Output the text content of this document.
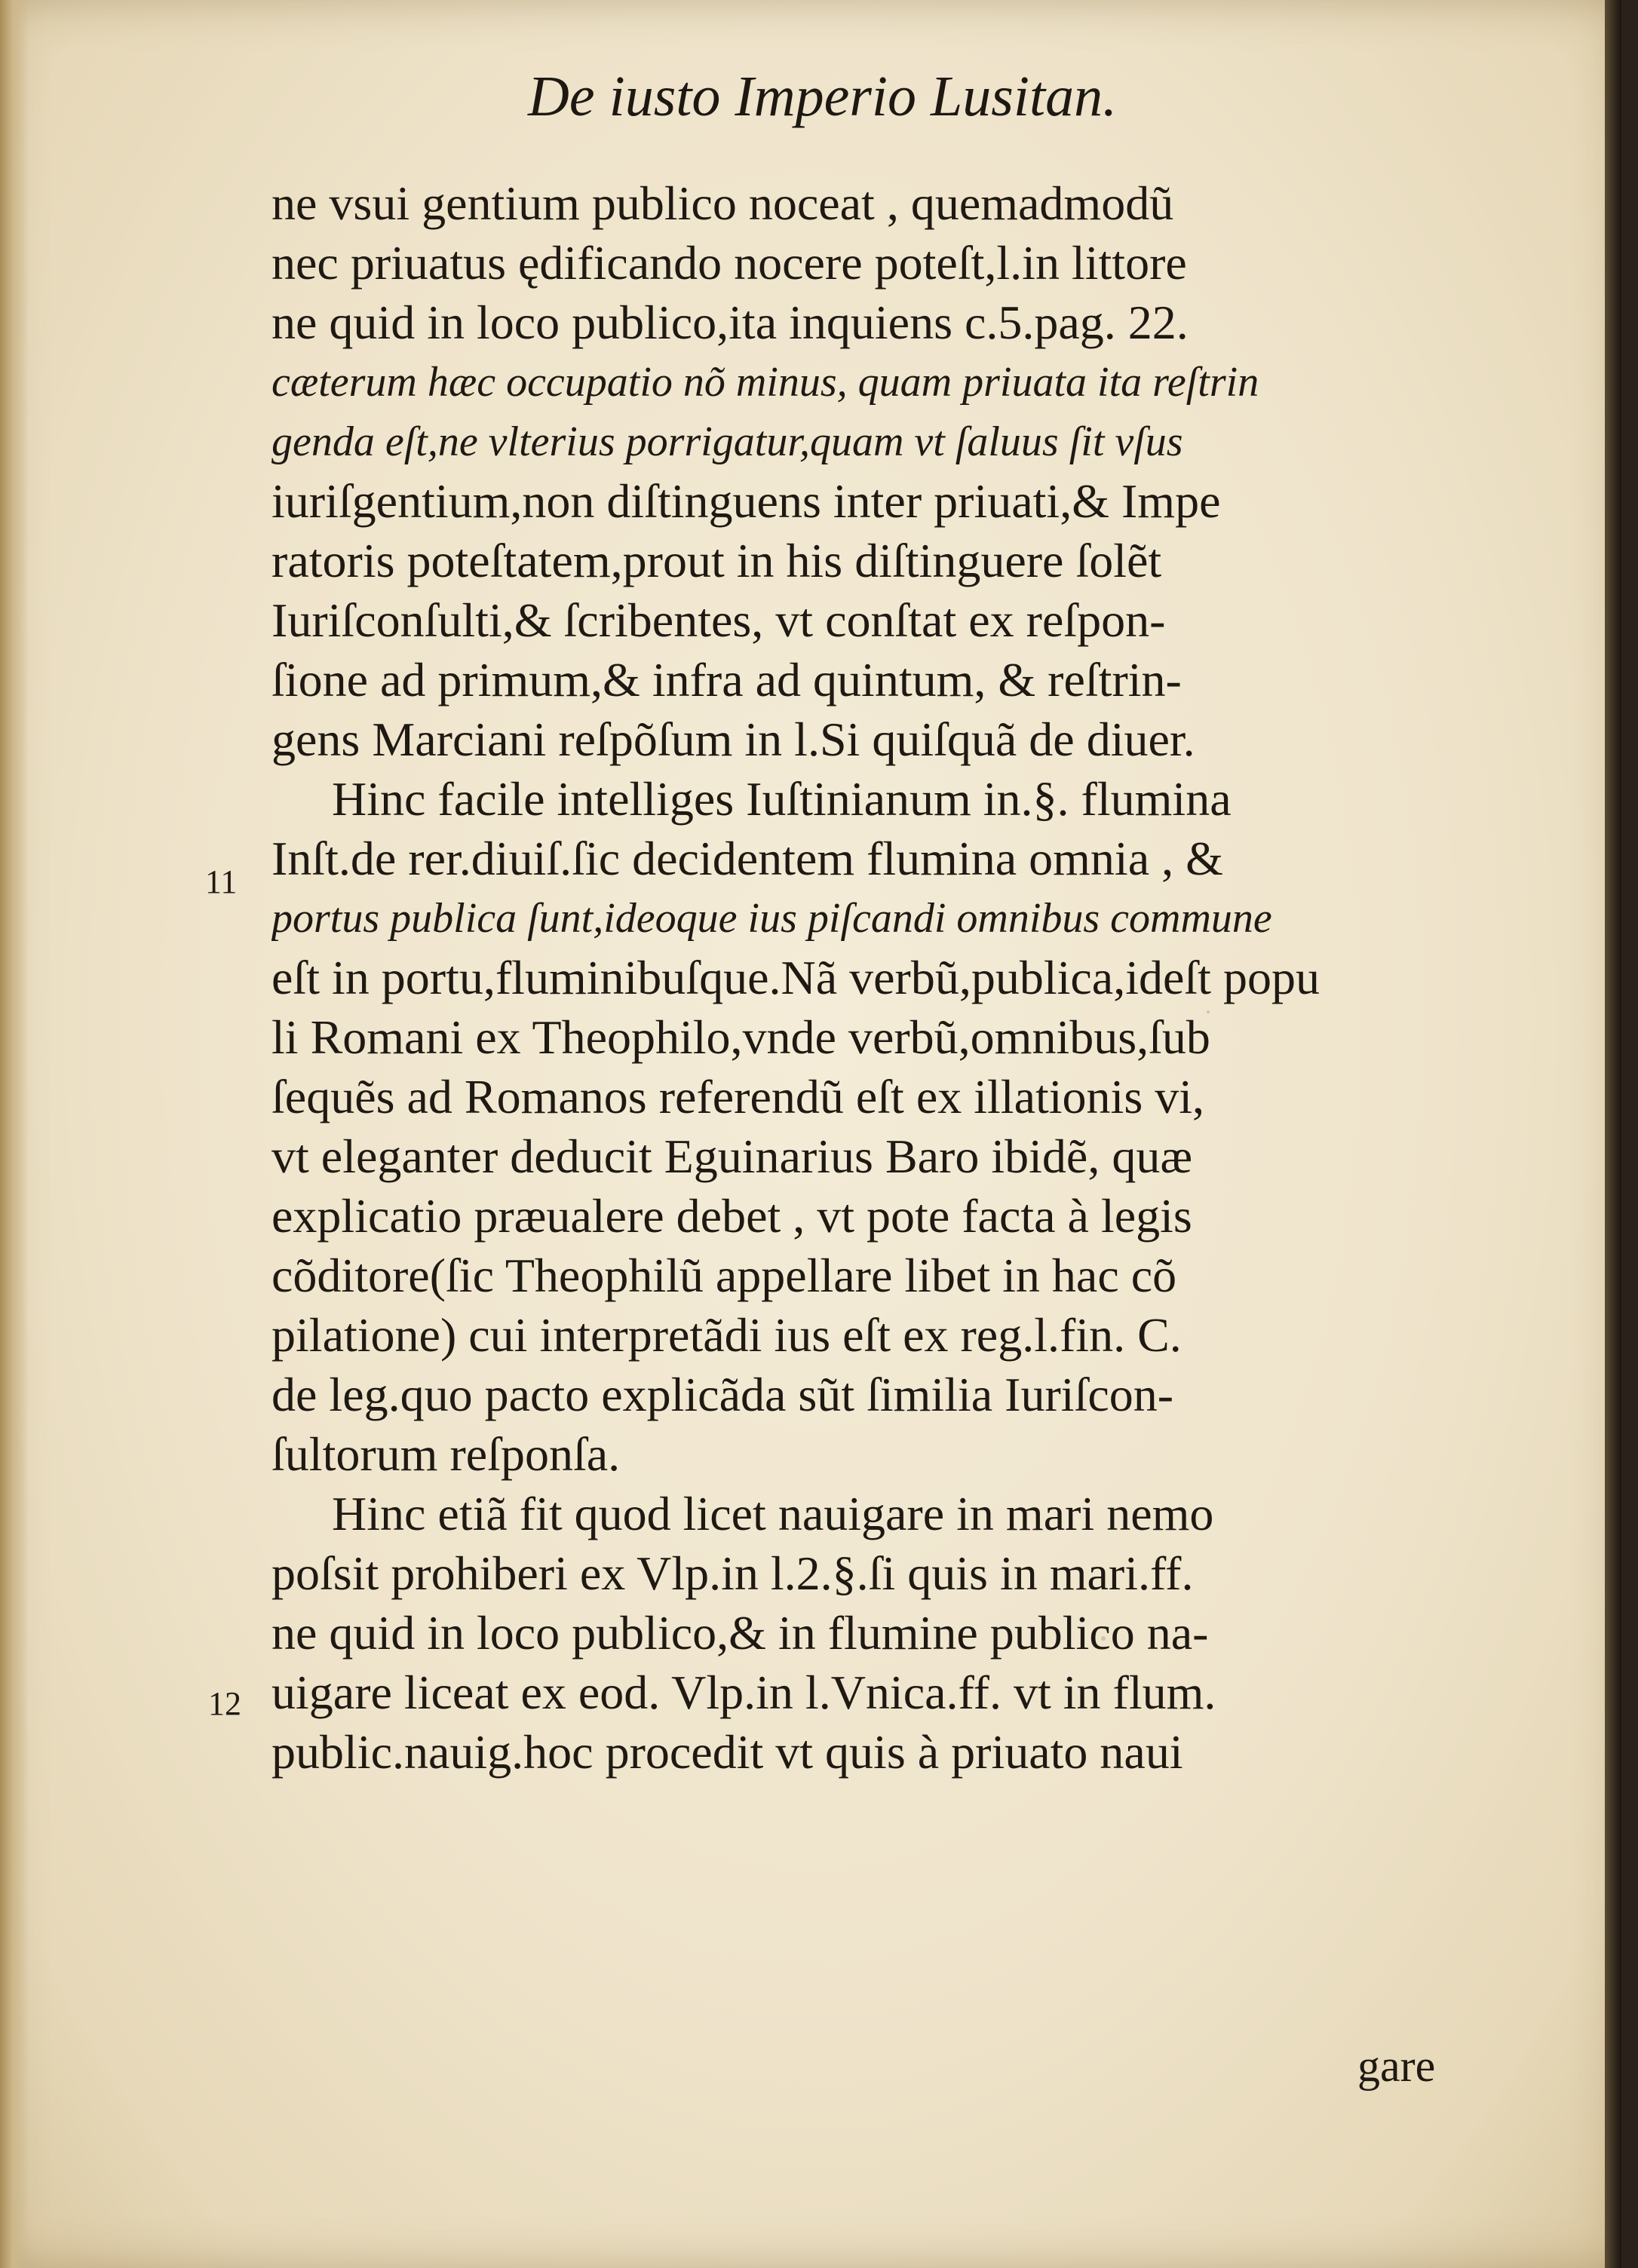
De iusto Imperio Lusitan.
ne vsui gentium publico noceat , quemadmodũ
nec priuatus ędificando nocere poteſt,l.in littore
ne quid in loco publico,ita inquiens c.5.pag. 22.
cæterum hæc occupatio nõ minus, quam priuata ita reſtrin
genda eſt,ne vlterius porrigatur,quam vt ſaluus ſit vſus
iuriſgentium,non diſtinguens inter priuati,& Impe
ratoris poteſtatem,prout in his diſtinguere ſolẽt
Iuriſconſulti,& ſcribentes, vt conſtat ex reſpon-
ſione ad primum,& infra ad quintum, & reſtrin-
gens Marciani reſpõſum in l.Si quiſquã de diuer.
Hinc facile intelliges Iuſtinianum in.§. flumina
Inſt.de rer.diuiſ.ſic decidentem flumina omnia , &
portus publica ſunt,ideoque ius piſcandi omnibus commune
eſt in portu,fluminibuſque.Nã verbũ,publica,ideſt popu
li Romani ex Theophilo,vnde verbũ,omnibus,ſub
ſequẽs ad Romanos referendũ eſt ex illationis vi,
vt eleganter deducit Eguinarius Baro ibidẽ, quæ
explicatio præualere debet , vt pote facta à legis
cõditore(ſic Theophilũ appellare libet in hac cõ
pilatione) cui interpretãdi ius eſt ex reg.l.fin. C.
de leg.quo pacto explicãda sũt ſimilia Iuriſcon-
ſultorum reſponſa.
Hinc etiã fit quod licet nauigare in mari nemo
poſsit prohiberi ex Vlp.in l.2.§.ſi quis in mari.ff.
ne quid in loco publico,& in flumine publico na-
uigare liceat ex eod. Vlp.in l.Vnica.ff. vt in flum.
public.nauig.hoc procedit vt quis à priuato naui
11
12
gare
